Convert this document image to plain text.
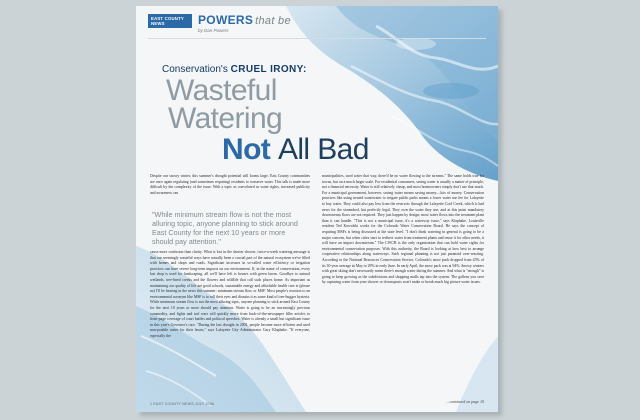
EAST COUNTY NEWS	POWERS that be
by Dan Powers
Conservation's CRUEL IRONY:
Wasteful
Watering
Not All Bad
Despite our snowy winter, this summer's drought potential still looms large. East County communities are once again regulating (and sometimes requiring) residents to conserve water. This talk is made more difficult by the complexity of the issue. With a topic as convoluted as water rights, increased publicity and awareness can
"While minimum stream flow is not the most alluring topic, anyone planning to stick around East County for the next 10 years or more should pay attention."
cause more confusion than clarity. What is lost in the shorter shower, twice-a-week watering message is that our seemingly wasteful ways have actually been a crucial part of the natural ecosystem we've filled with homes and shops and roads. Significant increases in so-called water efficiency or irrigation practices can have severe long-term impacts on our environment. If, in the name of conservation, every last drop is used for landscaping, all we'll have left is houses with green lawns. Goodbye to natural wetlands, tree-lined creeks and the flowers and wildlife that call such places home. As important as maintaining our quality of life are good schools, sustainable energy and affordable health care is (please no) I'll be hearing in the news this summer: minimum stream flow, or MSF. Most people's reaction to an environmental acronym like MSF is to roll their eyes and dismiss it as some kind of tree-hugger hysteria. While minimum stream flow is not the most alluring topic, anyone planning to stick around East County for the next 10 years or more should pay attention. Water is going to be an increasingly precious commodity, and fights and turf wars will quickly move from back-of-the-newspaper filler articles to front-page coverage of court battles and political speeches. Water is already a small but significant issue in this year's Governor's race. "During the last drought in 2002, people became more efficient and used non-potable water for their lawns," says Lafayette City Administrator Gary Klaphake. "If everyone, especially the
municipalities, used water that way, there'd be no water flowing to the streams." The same holds true for towns, but on a much larger scale. For residential consumers, saving water is usually a matter of principle, not a financial necessity. Water is still relatively cheap, and most homeowners simply don't use that much. For a municipal government, however, saving water means saving money—lots of money. Conservation practices like using treated wastewater to irrigate public parks means a lower water use fee for Lafayette to buy water. They could also pay less from the reservoir through the Lafayette Cool Creek, which is bad news for the streambed, but perfectly legal. They own the water they use, and at this point mandatory downstream flows are not required. They just happen by design; most water flows into the treatment plant than it can handle. "This is not a municipal issue, it's a waterway issue," says Klaphake. Louisville resident Ted Kowalski works for the Colorado Water Conservation Board. He says the concept of requiring MSFs is being discussed at the state level. "I don't think watering in general is going to be a major concern, but when cities start to redirect water from treatment plants and reuse it for other needs, it will have an impact downstream." The CWCB is the only organization that can hold water rights for environmental conservation purposes. With this authority, the Board is looking at how best to arrange cooperative relationships along waterways. Such regional planning is not just paranoid over-reacting. According to the National Resources Conservation Service, Colorado's snow pack dropped from 45% of its 30-year average in May to 29% in early June. In early April, the snow pack was at 94%. Snowy winters with great skiing don't necessarily mean there's enough water during the summer. And what is "enough" is going to keep growing as the subdivisions and shopping malls tap into the system. The gallons you save by capturing water from your shower or downspouts won't make or break much big picture water issues.
1 EAST COUNTY NEWS JULY 2006	...continued on page 10
